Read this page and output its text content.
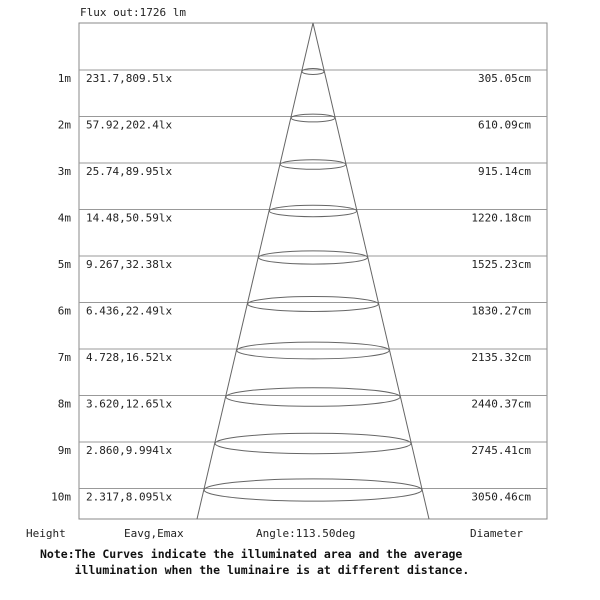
Flux out:1726 lm
1m 231.7,809.5lx	305.05cm
2m 57.92,202.4lx	610.09cm
3m 25.74,89.95lx	915.14cm
4m 14.48,50.59lx	1220.18cm
5m 9.267,32.38lx	1525.23cm
6m 6.436,22.49lx	1830.27cm
7m 4.728,16.52lx	2135.32cm
8m 3.620,12.65lx	2440.37cm
9m 2.860,9.994lx	2745.41cm
10m 2.317,8.095lx	3050.46cm
Height	Eavg,Emax	Angle:113.50deg	Diameter
Note:The Curves indicate the illuminated area and the average
illumination when the luminaire is at different distance.
